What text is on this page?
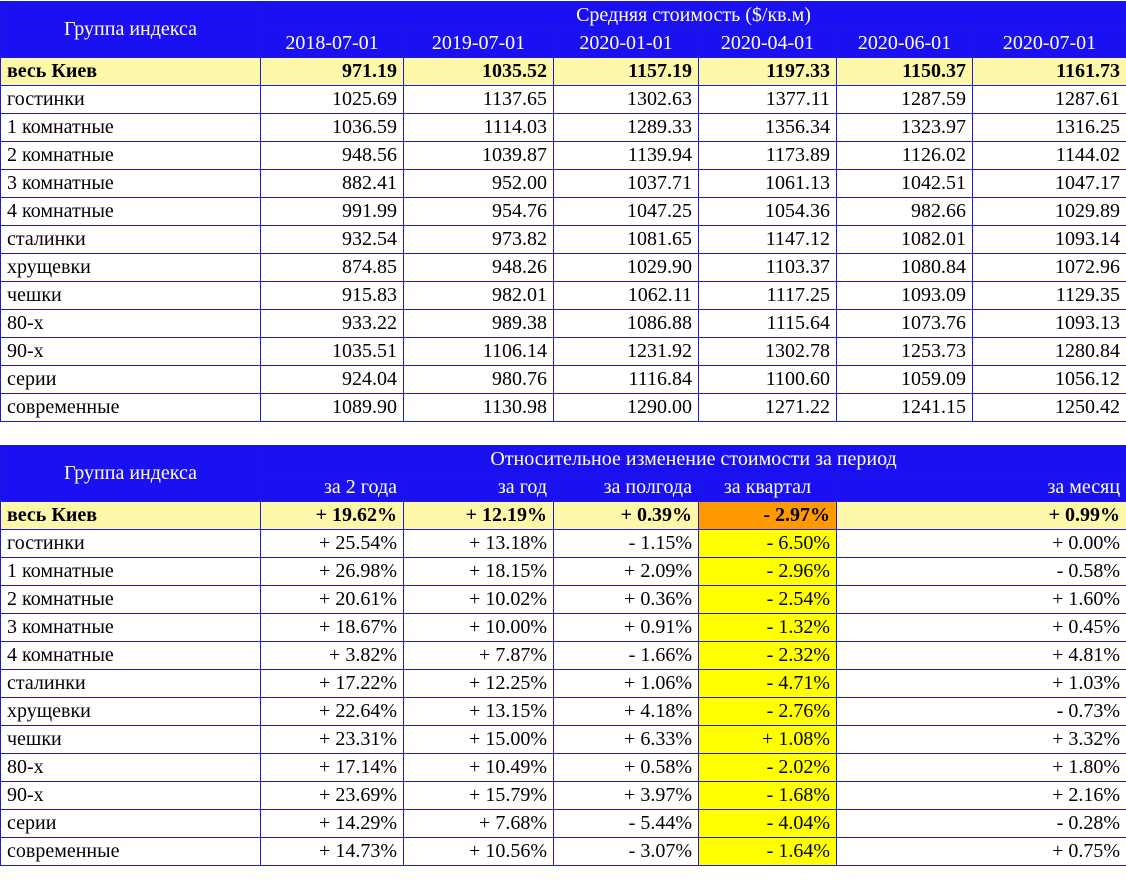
Группа индекса	Средняя стоимость ($/кв.м)					
	2018-07-01	2019-07-01	2020-01-01	2020-04-01	2020-06-01	2020-07-01
весь Киев	971.19	1035.52	1157.19	1197.33	1150.37	1161.73
гостинки	1025.69	1137.65	1302.63	1377.11	1287.59	1287.61
1 комнатные	1036.59	1114.03	1289.33	1356.34	1323.97	1316.25
2 комнатные	948.56	1039.87	1139.94	1173.89	1126.02	1144.02
3 комнатные	882.41	952.00	1037.71	1061.13	1042.51	1047.17
4 комнатные	991.99	954.76	1047.25	1054.36	982.66	1029.89
сталинки	932.54	973.82	1081.65	1147.12	1082.01	1093.14
хрущевки	874.85	948.26	1029.90	1103.37	1080.84	1072.96
чешки	915.83	982.01	1062.11	1117.25	1093.09	1129.35
80-х	933.22	989.38	1086.88	1115.64	1073.76	1093.13
90-х	1035.51	1106.14	1231.92	1302.78	1253.73	1280.84
серии	924.04	980.76	1116.84	1100.60	1059.09	1056.12
современные	1089.90	1130.98	1290.00	1271.22	1241.15	1250.42
Группа индекса	Относительное изменение стоимости за период				
	за 2 года	за год	за полгода	за квартал	за месяц
весь Киев	+ 19.62%	+ 12.19%	+ 0.39%	- 2.97%	+ 0.99%
гостинки	+ 25.54%	+ 13.18%	- 1.15%	- 6.50%	+ 0.00%
1 комнатные	+ 26.98%	+ 18.15%	+ 2.09%	- 2.96%	- 0.58%
2 комнатные	+ 20.61%	+ 10.02%	+ 0.36%	- 2.54%	+ 1.60%
3 комнатные	+ 18.67%	+ 10.00%	+ 0.91%	- 1.32%	+ 0.45%
4 комнатные	+ 3.82%	+ 7.87%	- 1.66%	- 2.32%	+ 4.81%
сталинки	+ 17.22%	+ 12.25%	+ 1.06%	- 4.71%	+ 1.03%
хрущевки	+ 22.64%	+ 13.15%	+ 4.18%	- 2.76%	- 0.73%
чешки	+ 23.31%	+ 15.00%	+ 6.33%	+ 1.08%	+ 3.32%
80-х	+ 17.14%	+ 10.49%	+ 0.58%	- 2.02%	+ 1.80%
90-х	+ 23.69%	+ 15.79%	+ 3.97%	- 1.68%	+ 2.16%
серии	+ 14.29%	+ 7.68%	- 5.44%	- 4.04%	- 0.28%
современные	+ 14.73%	+ 10.56%	- 3.07%	- 1.64%	+ 0.75%
